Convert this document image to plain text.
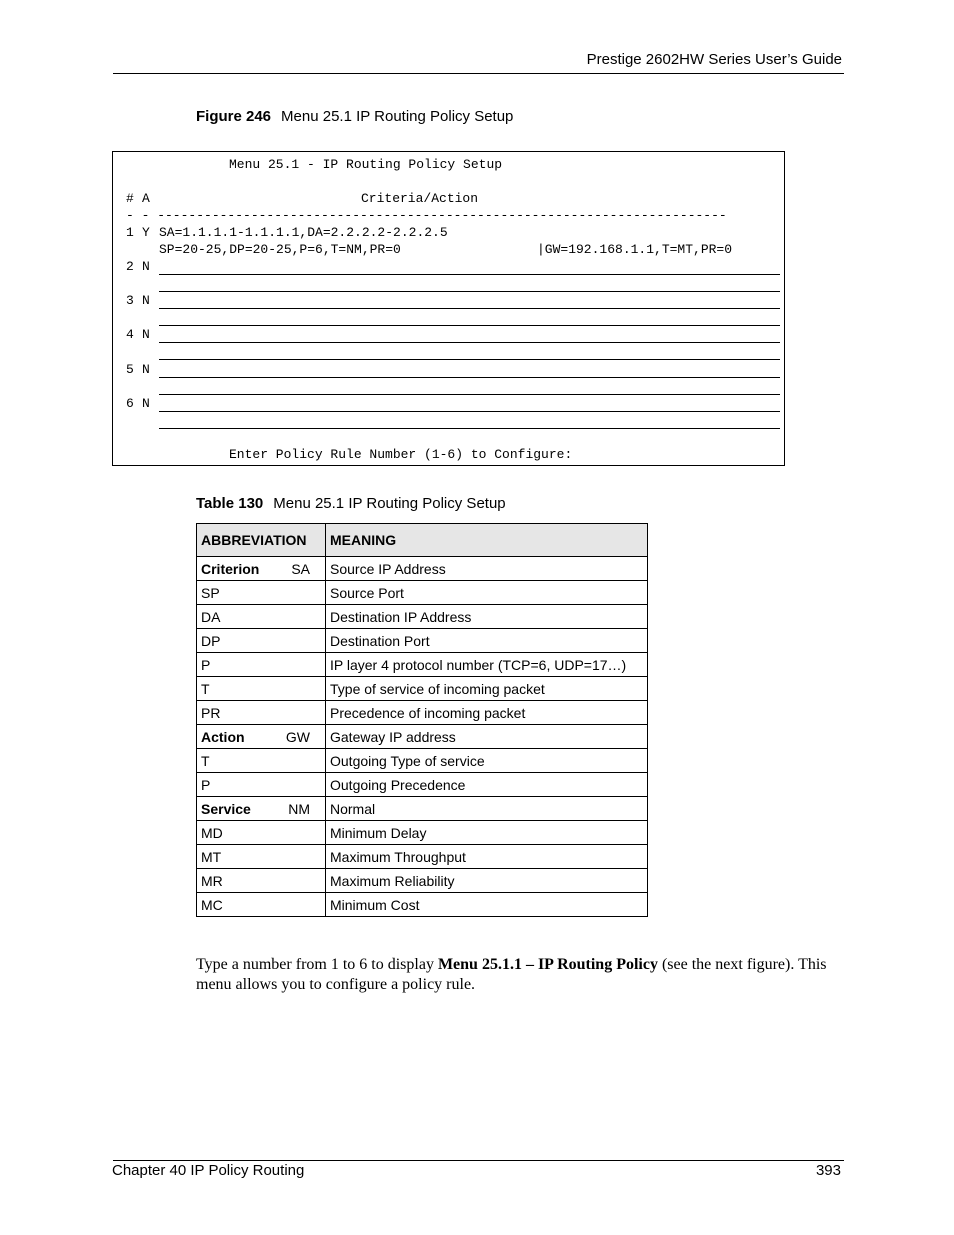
Prestige 2602HW Series User’s Guide
Figure 246 Menu 25.1 IP Routing Policy Setup
Menu 25.1 - IP Routing Policy Setup
# A	Criteria/Action
- - -------------------------------------------------------------------------
1 Y SA=1.1.1.1-1.1.1.1,DA=2.2.2.2-2.2.2.5
SP=20-25,DP=20-25,P=6,T=NM,PR=0	|GW=192.168.1.1,T=MT,PR=0
2 N
3 N
4 N
5 N
6 N
Enter Policy Rule Number (1-6) to Configure:
Table 130 Menu 25.1 IP Routing Policy Setup
ABBREVIATION	MEANING

Criterion SA	Source IP Address
SP	Source Port
DA	Destination IP Address
DP	Destination Port
P	IP layer 4 protocol number (TCP=6, UDP=17…)
T	Type of service of incoming packet
PR	Precedence of incoming packet

Action GW	Gateway IP address
T	Outgoing Type of service
P	Outgoing Precedence

Service NM	Normal
MD	Minimum Delay
MT	Maximum Throughput
MR	Maximum Reliability
MC	Minimum Cost
Type a number from 1 to 6 to display Menu 25.1.1 – IP Routing Policy (see the next figure). This menu allows you to configure a policy rule.
Chapter 40 IP Policy Routing	393
